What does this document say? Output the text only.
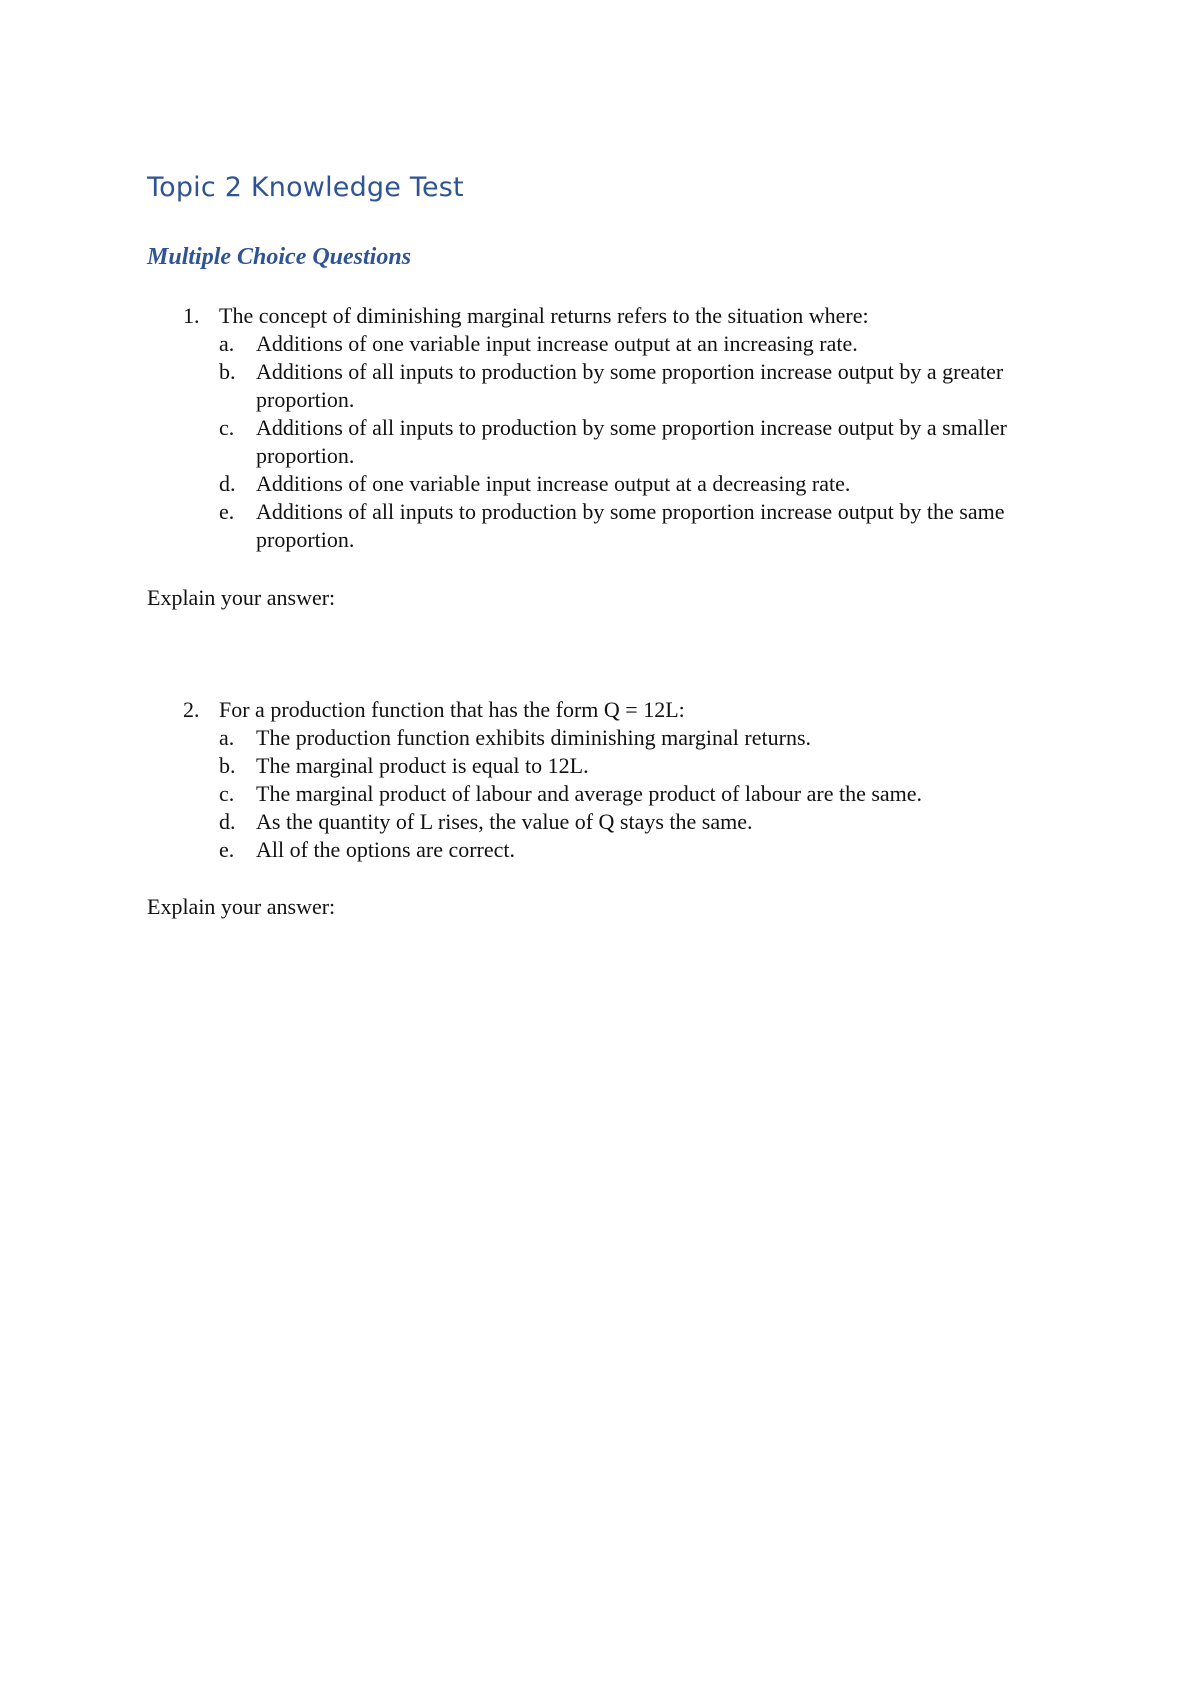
Topic 2 Knowledge Test
Multiple Choice Questions
1. The concept of diminishing marginal returns refers to the situation where:
a. Additions of one variable input increase output at an increasing rate.
b. Additions of all inputs to production by some proportion increase output by a greater proportion.
c. Additions of all inputs to production by some proportion increase output by a smaller proportion.
d. Additions of one variable input increase output at a decreasing rate.
e. Additions of all inputs to production by some proportion increase output by the same proportion.
Explain your answer:
2. For a production function that has the form Q = 12L:
a. The production function exhibits diminishing marginal returns.
b. The marginal product is equal to 12L.
c. The marginal product of labour and average product of labour are the same.
d. As the quantity of L rises, the value of Q stays the same.
e. All of the options are correct.
Explain your answer:
